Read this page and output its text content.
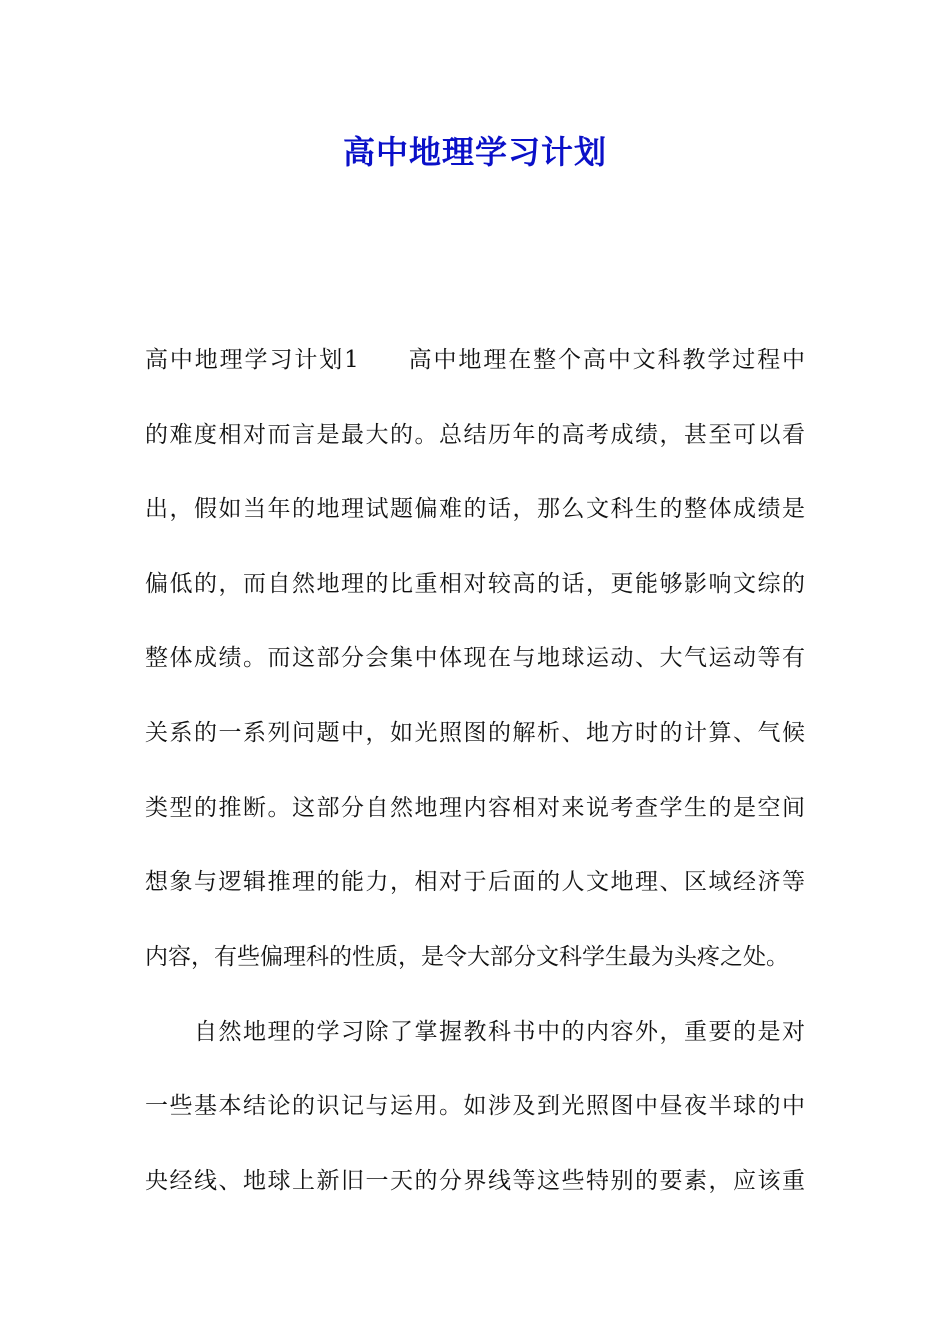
高中地理学习计划
高中地理学习计划1 高中地理在整个高中文科教学过程中
的难度相对而言是最大的。总结历年的高考成绩，甚至可以看
出，假如当年的地理试题偏难的话，那么文科生的整体成绩是
偏低的，而自然地理的比重相对较高的话，更能够影响文综的
整体成绩。而这部分会集中体现在与地球运动、大气运动等有
关系的一系列问题中，如光照图的解析、地方时的计算、气候
类型的推断。这部分自然地理内容相对来说考查学生的是空间
想象与逻辑推理的能力，相对于后面的人文地理、区域经济等
内容，有些偏理科的性质，是令大部分文科学生最为头疼之处。
自然地理的学习除了掌握教科书中的内容外，重要的是对
一些基本结论的识记与运用。如涉及到光照图中昼夜半球的中
央经线、地球上新旧一天的分界线等这些特别的要素，应该重
